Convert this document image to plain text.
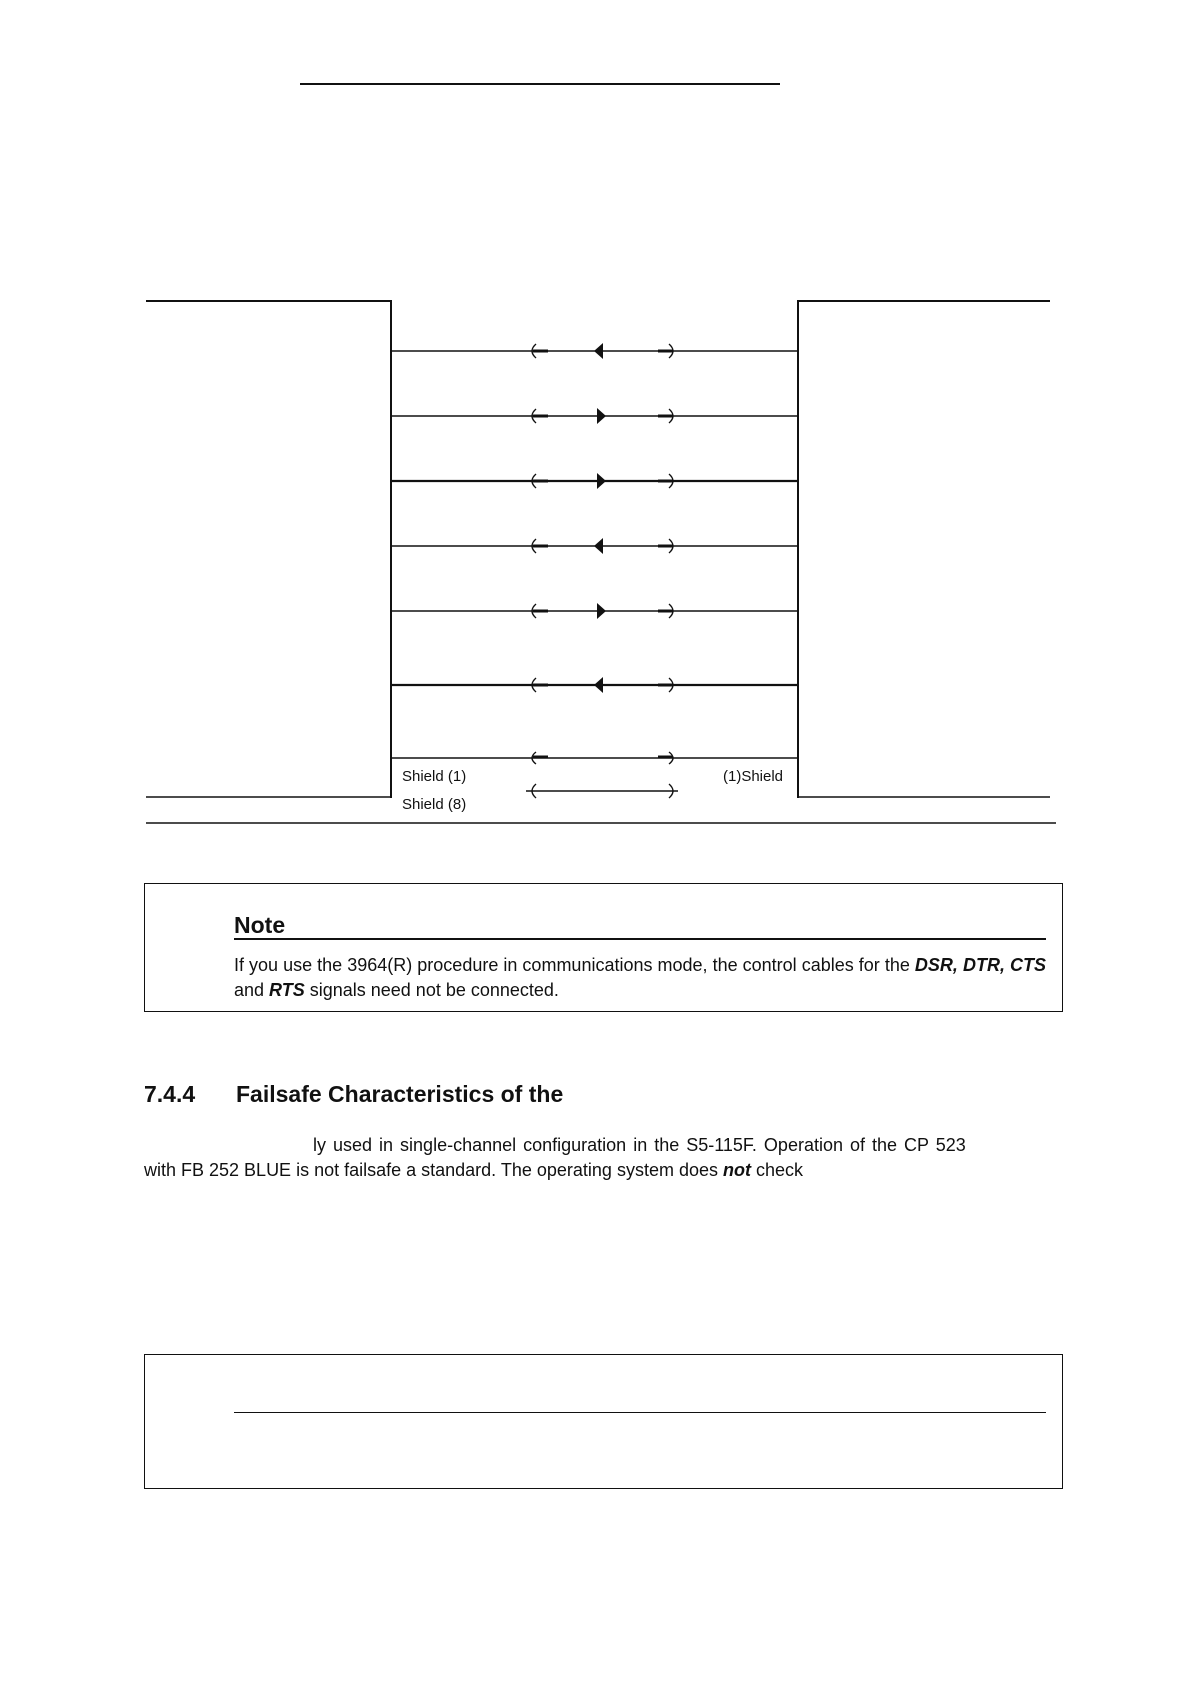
Shield (1)	(1)Shield
Shield (8)
Note
If you use the 3964(R) procedure in communications mode, the control cables for the DSR, DTR, CTS and RTS signals need not be connected.
7.4.4 Failsafe Characteristics of the
ly used in single-channel configuration in the S5-115F. Operation of the CP 523
with FB 252 BLUE is not failsafe a standard. The operating system does not check
